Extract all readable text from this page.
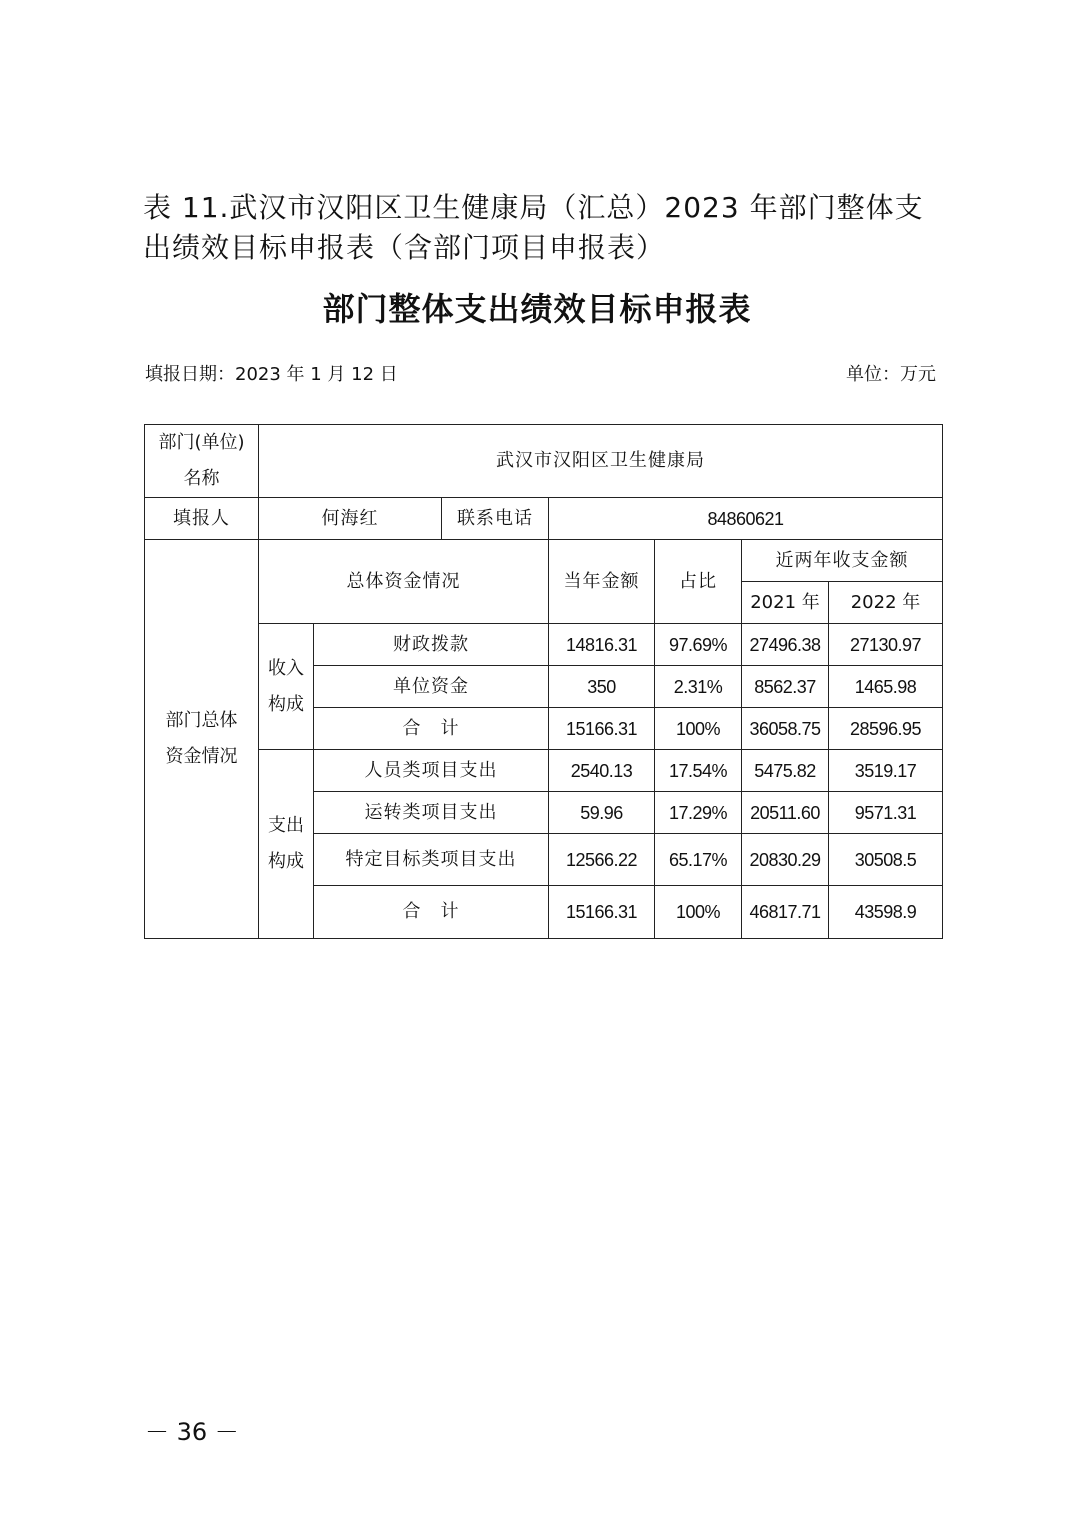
表 11.武汉市汉阳区卫生健康局（汇总）2023 年部门整体支出绩效目标申报表（含部门项目申报表）
部门整体支出绩效目标申报表
填报日期：2023 年 1 月 12 日	单位：万元
部门(单位)
名称	武汉市汉阳区卫生健康局						
填报人	何海红		联系电话	84860621			

部门总体
资金情况	总体资金情况			当年金额	占比	近两年收支金额	
						2021 年	2022 年

	收入
构成	财政拨款		14816.31	97.69%	27496.38	27130.97
		单位资金		350	2.31%	8562.37	1465.98
		合　计		15166.31	100%	36058.75	28596.95

	支出
构成	人员类项目支出		2540.13	17.54%	5475.82	3519.17
		运转类项目支出		59.96	17.29%	20511.60	9571.31
		特定目标类项目支出		12566.22	65.17%	20830.29	30508.5
		合　计		15166.31	100%	46817.71	43598.9
－ 36 －
